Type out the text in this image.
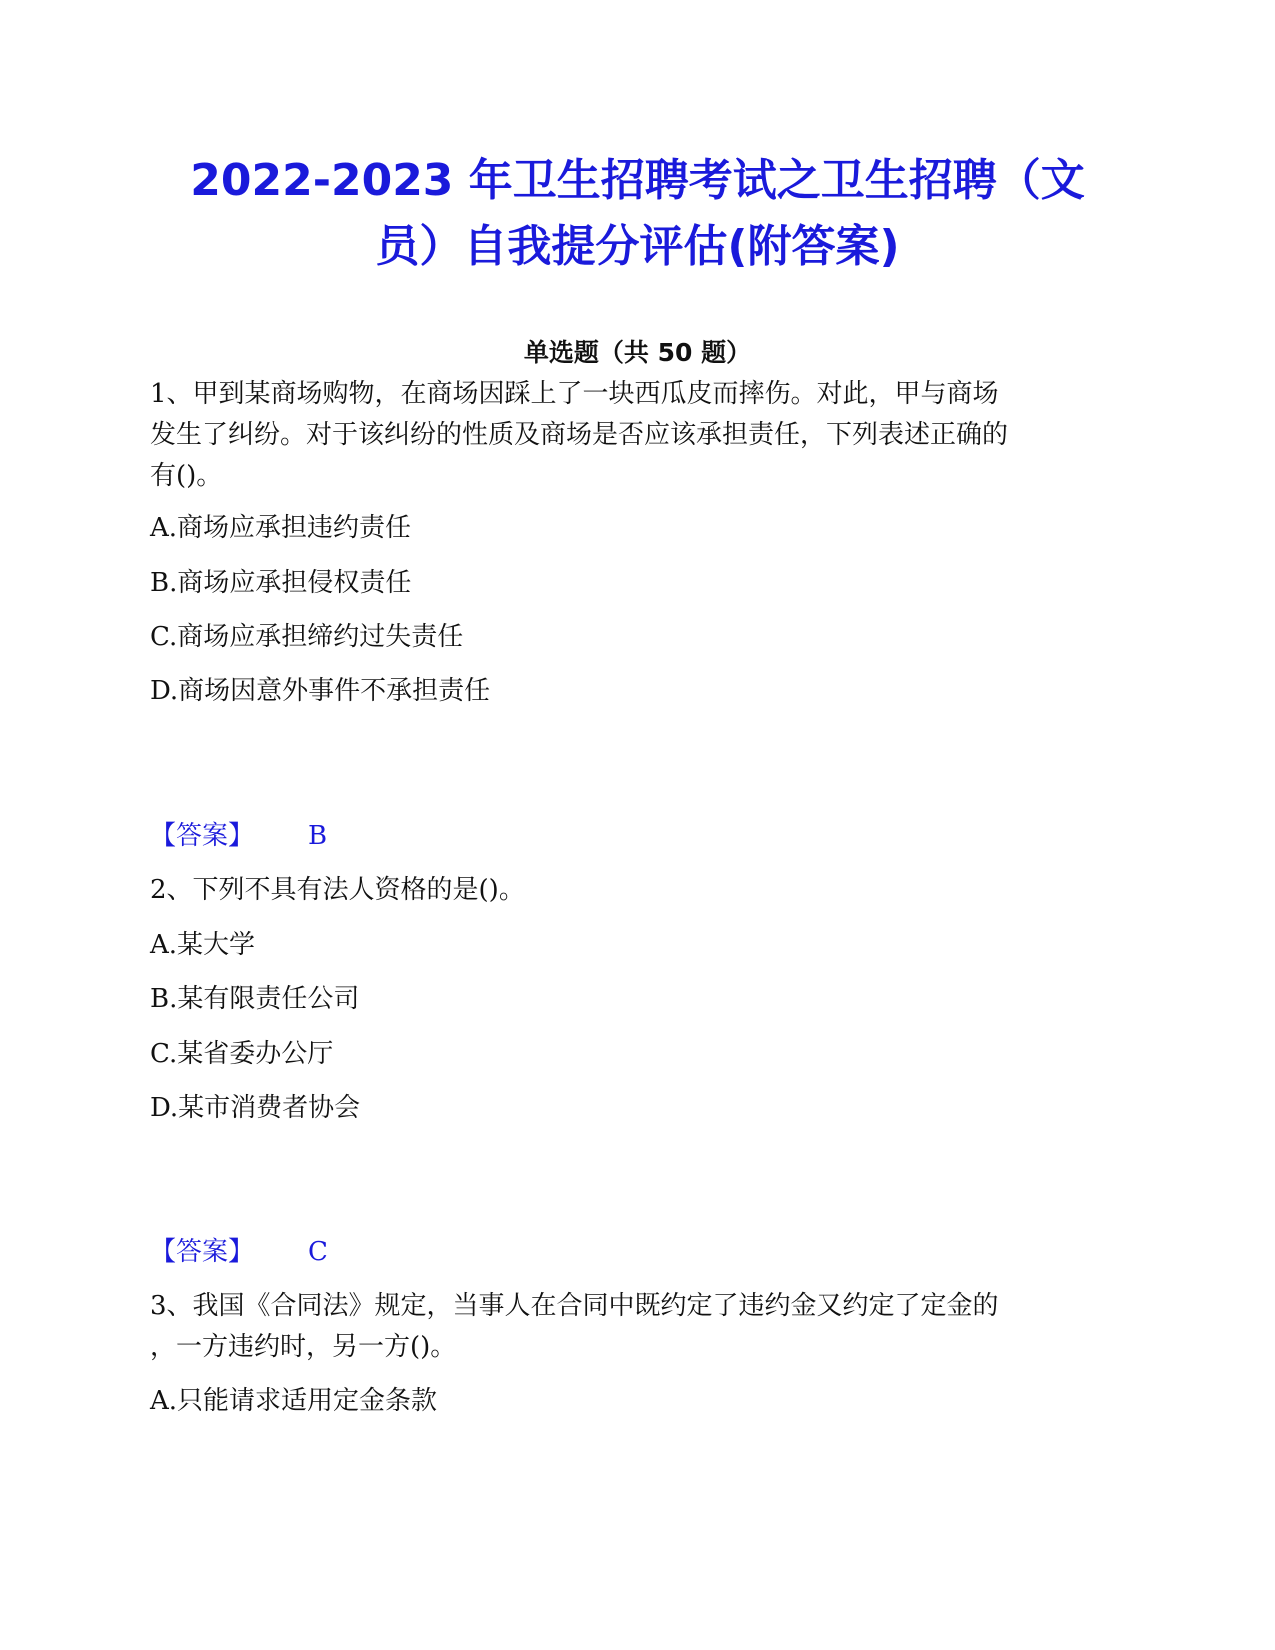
2022-2023 年卫生招聘考试之卫生招聘（文
员）自我提分评估(附答案)
单选题（共 50 题）
1、甲到某商场购物，在商场因踩上了一块西瓜皮而摔伤。对此，甲与商场
发生了纠纷。对于该纠纷的性质及商场是否应该承担责任，下列表述正确的
有()。
A.商场应承担违约责任
B.商场应承担侵权责任
C.商场应承担缔约过失责任
D.商场因意外事件不承担责任
【答案】 B
2、下列不具有法人资格的是()。
A.某大学
B.某有限责任公司
C.某省委办公厅
D.某市消费者协会
【答案】 C
3、我国《合同法》规定，当事人在合同中既约定了违约金又约定了定金的
，一方违约时，另一方()。
A.只能请求适用定金条款
